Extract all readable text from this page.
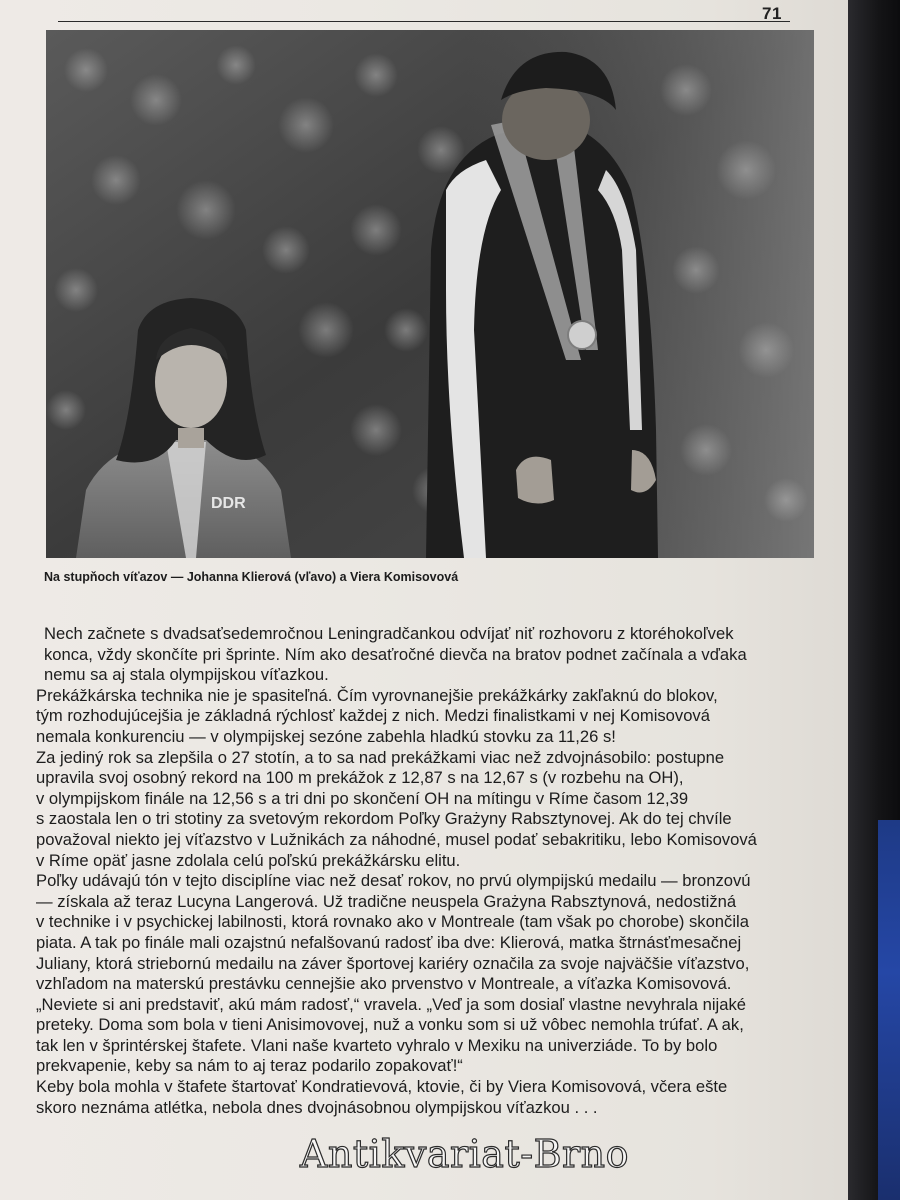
71
DDR
Na stupňoch víťazov — Johanna Klierová (vľavo) a Viera Komisovová
Nech začnete s dvadsaťsedemročnou Leningradčankou odvíjať niť rozhovoru z ktoréhokoľvek
konca, vždy skončíte pri šprinte. Ním ako desaťročné dievča na bratov podnet začínala a vďaka
nemu sa aj stala olympijskou víťazkou.
Prekážkárska technika nie je spasiteľná. Čím vyrovnanejšie prekážkárky zakľaknú do blokov,
tým rozhodujúcejšia je základná rýchlosť každej z nich. Medzi finalistkami v nej Komisovová
nemala konkurenciu — v olympijskej sezóne zabehla hladkú stovku za 11,26 s!
Za jediný rok sa zlepšila o 27 stotín, a to sa nad prekážkami viac než zdvojnásobilo: postupne
upravila svoj osobný rekord na 100 m prekážok z 12,87 s na 12,67 s (v rozbehu na OH),
v olympijskom finále na 12,56 s a tri dni po skončení OH na mítingu v Ríme časom 12,39
s zaostala len o tri stotiny za svetovým rekordom Poľky Grażyny Rabsztynovej. Ak do tej chvíle
považoval niekto jej víťazstvo v Lužnikách za náhodné, musel podať sebakritiku, lebo Komisovová
v Ríme opäť jasne zdolala celú poľskú prekážkársku elitu.
Poľky udávajú tón v tejto disciplíne viac než desať rokov, no prvú olympijskú medailu — bronzovú
— získala až teraz Lucyna Langerová. Už tradične neuspela Grażyna Rabsztynová, nedostižná
v technike i v psychickej labilnosti, ktorá rovnako ako v Montreale (tam však po chorobe) skončila
piata. A tak po finále mali ozajstnú nefalšovanú radosť iba dve: Klierová, matka štrnásťmesačnej
Juliany, ktorá striebornú medailu na záver športovej kariéry označila za svoje najväčšie víťazstvo,
vzhľadom na materskú prestávku cennejšie ako prvenstvo v Montreale, a víťazka Komisovová.
„Neviete si ani predstaviť, akú mám radosť,“ vravela. „Veď ja som dosiaľ vlastne nevyhrala nijaké
preteky. Doma som bola v tieni Anisimovovej, nuž a vonku som si už vôbec nemohla trúfať. A ak,
tak len v šprintérskej štafete. Vlani naše kvarteto vyhralo v Mexiku na univerziáde. To by bolo
prekvapenie, keby sa nám to aj teraz podarilo zopakovať!“
Keby bola mohla v štafete štartovať Kondratievová, ktovie, či by Viera Komisovová, včera ešte
skoro neznáma atlétka, nebola dnes dvojnásobnou olympijskou víťazkou . . .
Antikvariat-Brno
